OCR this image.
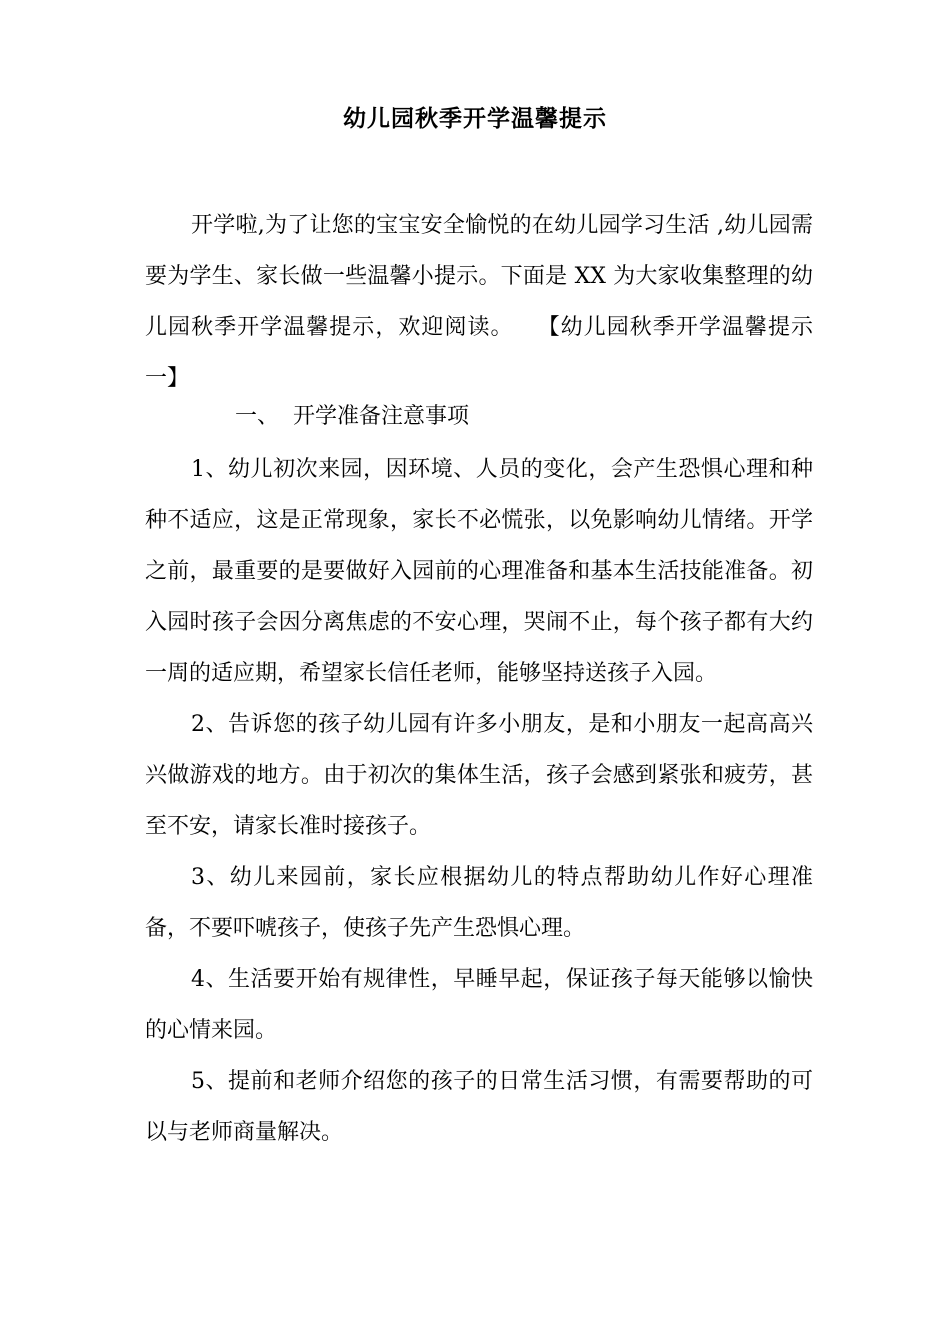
幼儿园秋季开学温馨提示

开学啦,为了让您的宝宝安全愉悦的在幼儿园学习生活 ,幼儿园需要为学生、家长做一些温馨小提示。下面是 XX 为大家收集整理的幼儿园秋季开学温馨提示，欢迎阅读。　　【幼儿园秋季开学温馨提示一】

一、  开学准备注意事项

1、幼儿初次来园，因环境、人员的变化，会产生恐惧心理和种种不适应，这是正常现象，家长不必慌张，以免影响幼儿情绪。开学之前，最重要的是要做好入园前的心理准备和基本生活技能准备。初入园时孩子会因分离焦虑的不安心理，哭闹不止，每个孩子都有大约一周的适应期，希望家长信任老师，能够坚持送孩子入园。

2、告诉您的孩子幼儿园有许多小朋友，是和小朋友一起高高兴兴做游戏的地方。由于初次的集体生活，孩子会感到紧张和疲劳，甚至不安，请家长准时接孩子。

3、幼儿来园前，家长应根据幼儿的特点帮助幼儿作好心理准备，不要吓唬孩子，使孩子先产生恐惧心理。

4、生活要开始有规律性，早睡早起，保证孩子每天能够以愉快的心情来园。

5、提前和老师介绍您的孩子的日常生活习惯，有需要帮助的可以与老师商量解决。
